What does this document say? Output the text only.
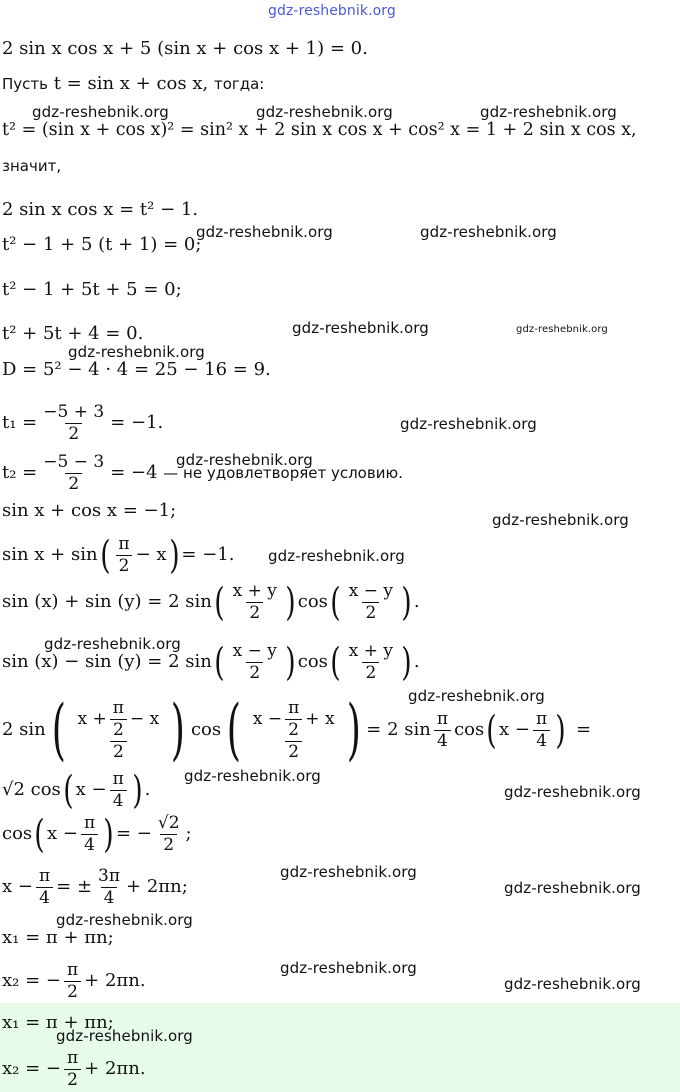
gdz-reshebnik.org
gdz-reshebnik.org	gdz-reshebnik.org	gdz-reshebnik.org
gdz-reshebnik.org	gdz-reshebnik.org
gdz-reshebnik.org	gdz-reshebnik.org
gdz-reshebnik.org
gdz-reshebnik.org
gdz-reshebnik.org
gdz-reshebnik.org
gdz-reshebnik.org
gdz-reshebnik.org
gdz-reshebnik.org
gdz-reshebnik.org
gdz-reshebnik.org
gdz-reshebnik.org
gdz-reshebnik.org
gdz-reshebnik.org
gdz-reshebnik.org
gdz-reshebnik.org
gdz-reshebnik.org
2 sin x cos x + 5 (sin x + cos x + 1) = 0.
Пусть
t = sin x + cos x,
тогда:
t² = (sin x + cos x)² = sin² x + 2 sin x cos x + cos² x = 1 + 2 sin x cos x,
значит,
2 sin x cos x = t² − 1.
t² − 1 + 5 (t + 1) = 0;
t² − 1 + 5t + 5 = 0;
t² + 5t + 4 = 0.
D = 5² − 4 · 4 = 25 − 16 = 9.
$t_1 = \frac{-5 + 3}{2} = -1$.
$t_2 = \frac{-5 - 3}{2} = -4$
— не удовлетворяет условию.
sin x + cos x = −1;
sin x + sin ( $\frac{\pi}{2} - x$ ) = −1.
sin (x) + sin (y) = 2 sin ( $\frac{x + y}{2}$ ) cos ( $\frac{x - y}{2}$ ) .
sin (x) − sin (y) = 2 sin ( $\frac{x - y}{2}$ ) cos ( $\frac{x + y}{2}$ ) .
2 sin ( $\frac{x + \frac{\pi}{2} - x}{2}$ ) cos ( $\frac{x - \frac{\pi}{2} + x}{2}$ ) = 2 $\sin \frac{\pi}{4}$ cos ( $x - \frac{\pi}{4}$ ) =
√2 cos ( $x - \frac{\pi}{4}$ ) .
cos ( $x - \frac{\pi}{4}$ ) = − $\frac{√2}{2}$ ;
$x - \frac{\pi}{4}$ = ± $\frac{3\pi}{4} + 2\pi n$;
x₁ = π + πn;
x₂ = − $\frac{\pi}{2} + 2\pi n$.
x₁ = π + πn;
x₂ = − $\frac{\pi}{2} + 2\pi n$.
